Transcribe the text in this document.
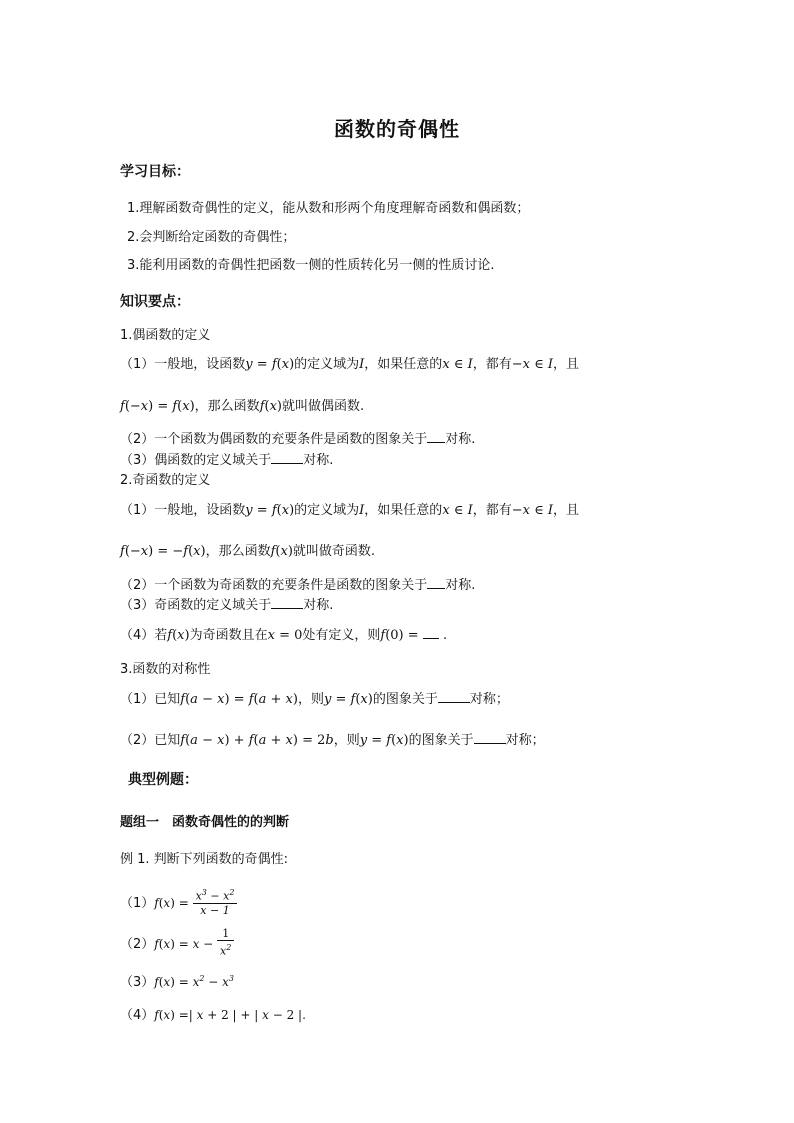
函数的奇偶性
学习目标：
1.理解函数奇偶性的定义，能从数和形两个角度理解奇函数和偶函数；
2.会判断给定函数的奇偶性；
3.能利用函数的奇偶性把函数一侧的性质转化另一侧的性质讨论.
知识要点：
1.偶函数的定义
（1）一般地，设函数y = f(x)的定义域为I，如果任意的x ∈ I，都有−x ∈ I，且
f(−x) = f(x)，那么函数f(x)就叫做偶函数.
（2）一个函数为偶函数的充要条件是函数的图象关于 对称.
（3）偶函数的定义域关于 对称.
2.奇函数的定义
（1）一般地，设函数y = f(x)的定义域为I，如果任意的x ∈ I，都有−x ∈ I，且
f(−x) = −f(x)，那么函数f(x)就叫做奇函数.
（2）一个函数为奇函数的充要条件是函数的图象关于 对称.
（3）奇函数的定义域关于 对称.
（4）若f(x)为奇函数且在x = 0处有定义，则f(0) =  .
3.函数的对称性
（1）已知f(a − x) = f(a + x)，则y = f(x)的图象关于 对称；
（2）已知f(a − x) + f(a + x) = 2b，则y = f(x)的图象关于 对称；
典型例题：
题组一　函数奇偶性的的判断
例 1. 判断下列函数的奇偶性:
$(1)f(x) = \frac{x^3 - x^2}{x - 1}$
$(2)f(x) = x - \frac{1}{x^2}$
$(3)f(x) = x^2 - x^3$
（4）f(x) =| x + 2 | + | x − 2 |.
